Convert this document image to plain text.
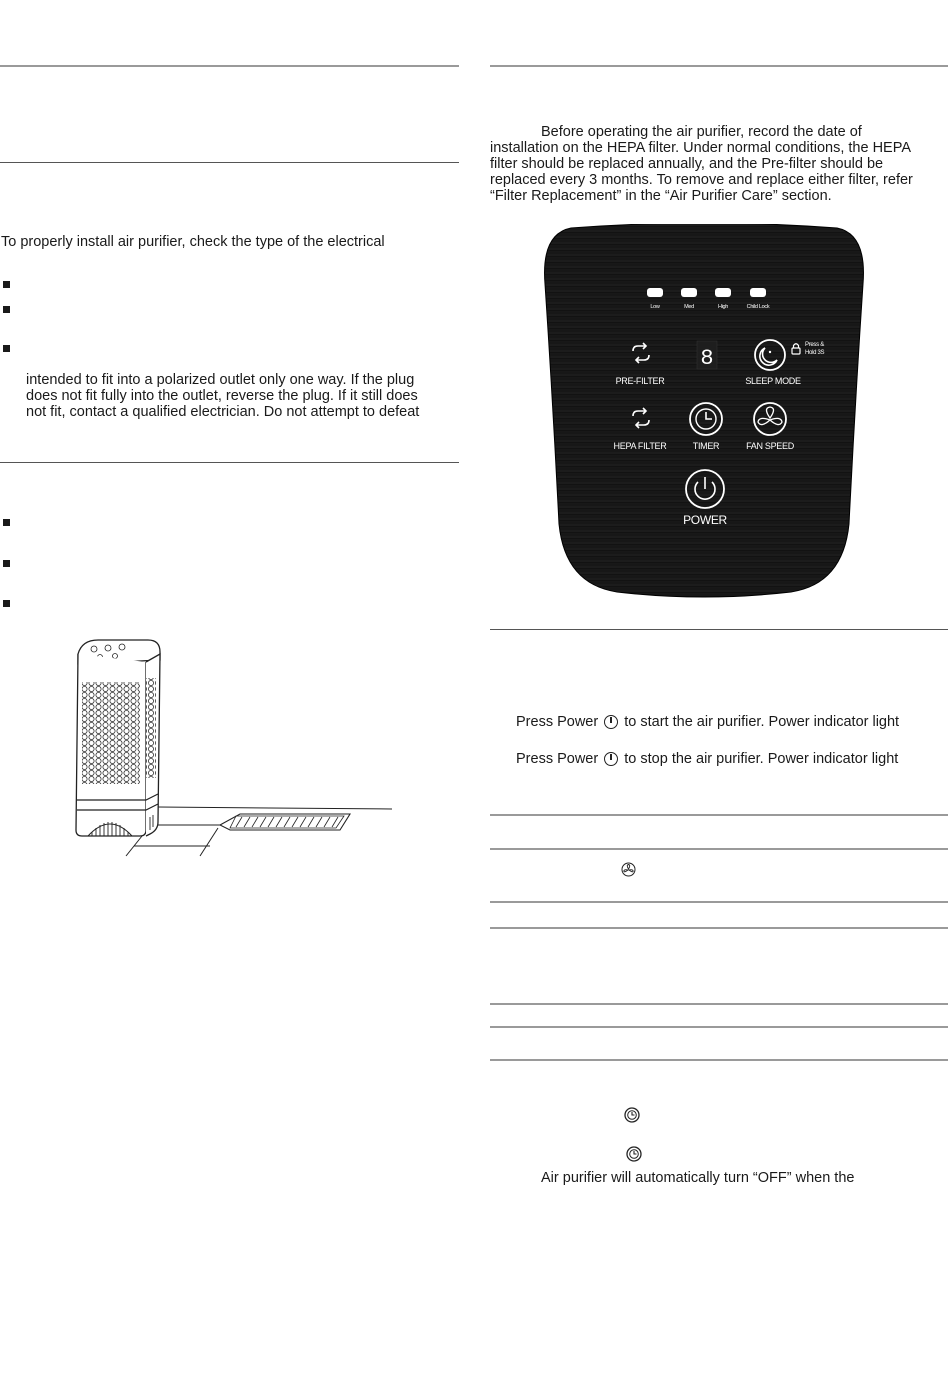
To properly install air purifier, check the type of the electrical
intended to fit into a polarized outlet only one way. If the plug
does not fit fully into the outlet, reverse the plug. If it still does
not fit, contact a qualified electrician. Do not attempt to defeat
Before operating the air purifier, record the date of
installation on the HEPA filter. Under normal conditions, the HEPA
filter should be replaced annually, and the Pre-filter should be
replaced every 3 months. To remove and replace either filter, refer
“Filter Replacement” in the “Air Purifier Care” section.
Low	Med	High	Child Lock
PRE-FILTER
8
Press &
Hold 3S
SLEEP MODE
HEPA FILTER	TIMER	FAN SPEED
POWER
Press Power to start the air purifier. Power indicator light
Press Power to stop the air purifier. Power indicator light
Air purifier will automatically turn “OFF” when the
